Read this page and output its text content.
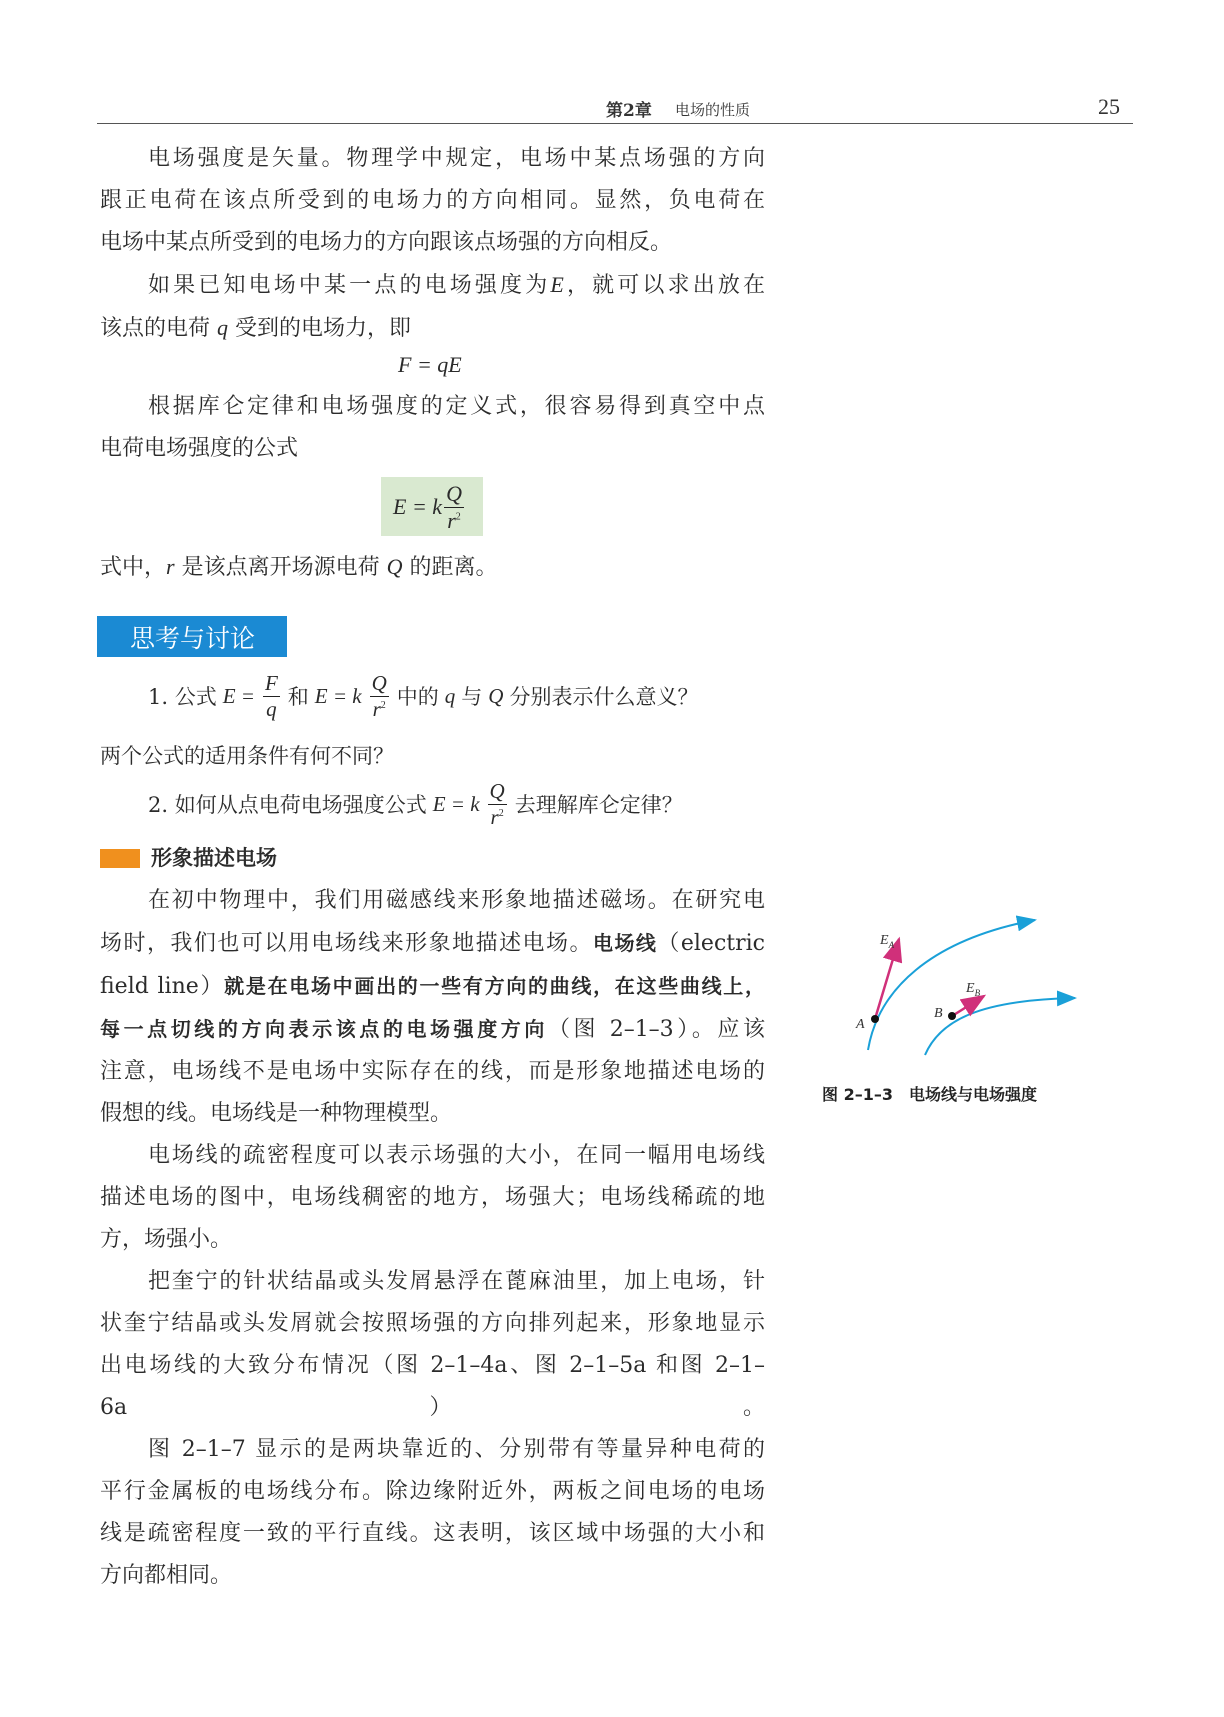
第2章 电场的性质	25

电场强度是矢量。物理学中规定，电场中某点场强的方向

跟正电荷在该点所受到的电场力的方向相同。显然，负电荷在

电场中某点所受到的电场力的方向跟该点场强的方向相反。

如果已知电场中某一点的电场强度为E，就可以求出放在

该点的电荷 q 受到的电场力，即

F = qE

根据库仑定律和电场强度的定义式，很容易得到真空中点

电荷电场强度的公式

E = k $\frac{Q}{r^2}$

式中，r 是该点离开场源电荷 Q 的距离。

思考与讨论
1. 公式 $E = \frac{F}{q}$ 和 E = k $\frac{Q}{r^2}$ 中的 q 与 Q 分别表示什么意义？
两个公式的适用条件有何不同？
2. 如何从点电荷电场强度公式 E = k $\frac{Q}{r^2}$ 去理解库仑定律？
形象描述电场

在初中物理中，我们用磁感线来形象地描述磁场。在研究电

场时，我们也可以用电场线来形象地描述电场。电场线（electric

field line）就是在电场中画出的一些有方向的曲线，在这些曲线上，

每一点切线的方向表示该点的电场强度方向（图 2–1–3）。应该

注意，电场线不是电场中实际存在的线，而是形象地描述电场的

假想的线。电场线是一种物理模型。

电场线的疏密程度可以表示场强的大小，在同一幅用电场线

描述电场的图中，电场线稠密的地方，场强大；电场线稀疏的地

方，场强小。

把奎宁的针状结晶或头发屑悬浮在蓖麻油里，加上电场，针

状奎宁结晶或头发屑就会按照场强的方向排列起来，形象地显示

出电场线的大致分布情况（图 2–1–4a、图 2–1–5a 和图 2–1–6a）。

图 2–1–7 显示的是两块靠近的、分别带有等量异种电荷的

平行金属板的电场线分布。除边缘附近外，两板之间电场的电场

线是疏密程度一致的平行直线。这表明，该区域中场强的大小和

方向都相同。

$E_A$
$E_B$
A
B
图 2–1–3　电场线与电场强度
